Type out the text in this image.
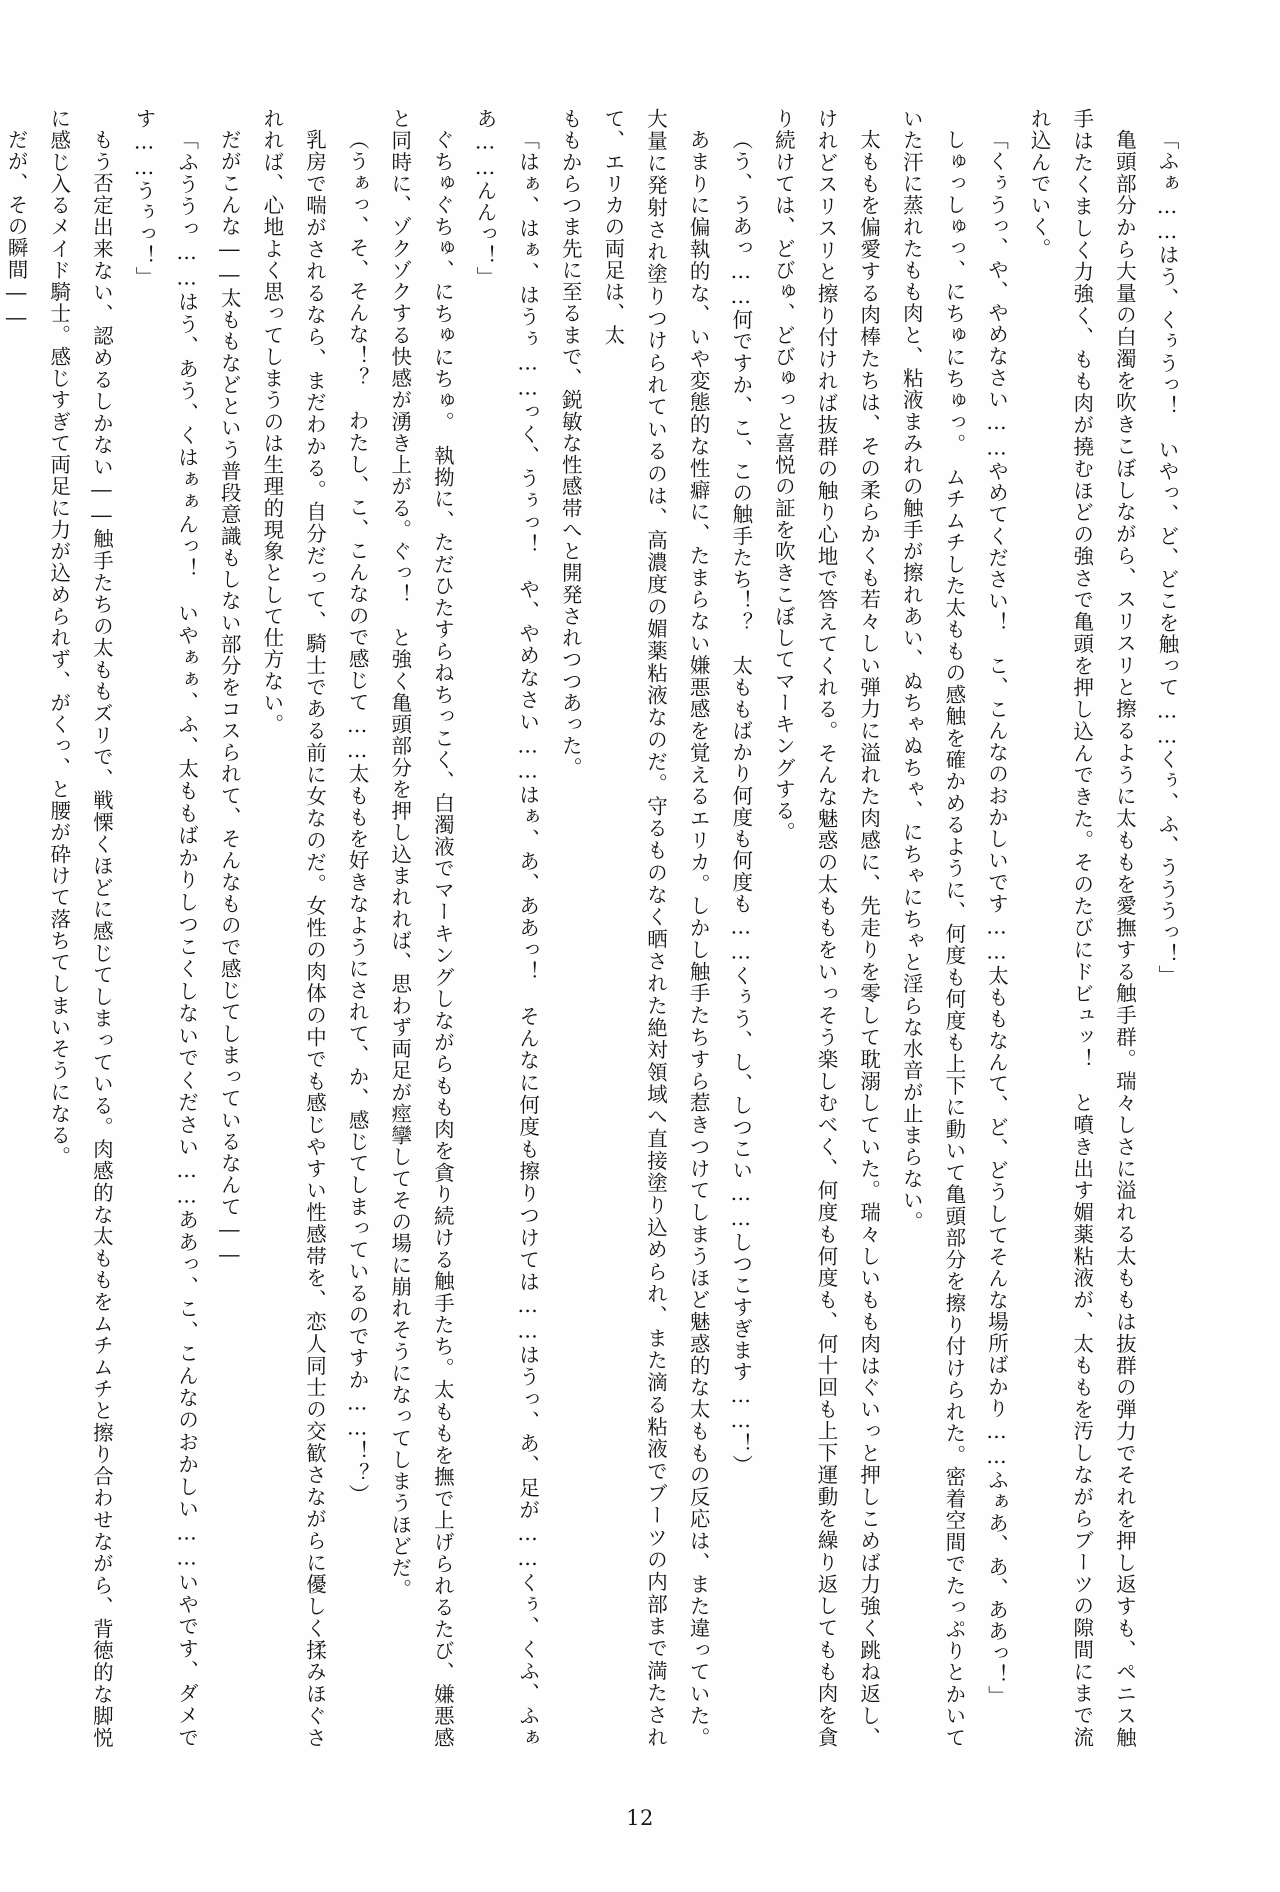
「ふぁ……はう、くぅうっ！　いやっ、ど、どこを触って……くぅ、ふ、うううっ！」

亀頭部分から大量の白濁を吹きこぼしながら、スリスリと擦るように太ももを愛撫する触手群。瑞々しさに溢れる太ももは抜群の弾力でそれを押し返すも、ペニス触手はたくましく力強く、もも肉が撓むほどの強さで亀頭を押し込んできた。そのたびにドビュッ！　と噴き出す媚薬粘液が、太ももを汚しながらブーツの隙間にまで流れ込んでいく。

「くぅうっ、や、やめなさい……やめてください！　こ、こんなのおかしいです……太ももなんて、ど、どうしてそんな場所ばかり……ふぁあ、あ、ああっ！」

しゅっしゅっ、にちゅにちゅっ。　ムチムチした太ももの感触を確かめるように、何度も何度も上下に動いて亀頭部分を擦り付けられた。密着空間でたっぷりとかいていた汗に蒸れたもも肉と、粘液まみれの触手が擦れあい、ぬちゃぬちゃ、にちゃにちゃと淫らな水音が止まらない。

太ももを偏愛する肉棒たちは、その柔らかくも若々しい弾力に溢れた肉感に、先走りを零して耽溺していた。瑞々しいもも肉はぐいっと押しこめば力強く跳ね返し、けれどスリスリと擦り付ければ抜群の触り心地で答えてくれる。そんな魅惑の太ももをいっそう楽しむべく、何度も何度も、何十回も上下運動を繰り返してもも肉を貪り続けては、どびゅ、どびゅっと喜悦の証を吹きこぼしてマーキングする。

（う、うあっ……何ですか、こ、この触手たち！？　太ももばかり何度も何度も……くぅう、し、しつこい……しつこすぎます……！）

あまりに偏執的な、いや変態的な性癖に、たまらない嫌悪感を覚えるエリカ。しかし触手たちすら惹きつけてしまうほど魅惑的な太ももの反応は、また違っていた。大量に発射され塗りつけられているのは、高濃度の媚薬粘液なのだ。守るものなく晒された絶対領域へ直接塗り込められ、また滴る粘液でブーツの内部まで満たされて、エリカの両足は、太

ももからつま先に至るまで、鋭敏な性感帯へと開発されつつあった。

「はぁ、はぁ、はうぅ……っく、うぅっ！　や、やめなさい……はぁ、あ、ああっ！　そんなに何度も擦りつけては……はうっ、あ、足が……くぅ、くふ、ふぁあ……んんっ！」

ぐちゅぐちゅ、にちゅにちゅ。　執拗に、ただひたすらねちっこく、白濁液でマーキングしながらもも肉を貪り続ける触手たち。太ももを撫で上げられるたび、嫌悪感と同時に、ゾクゾクする快感が湧き上がる。ぐっ！　と強く亀頭部分を押し込まれれば、思わず両足が痙攣してその場に崩れそうになってしまうほどだ。

（うぁっ、そ、そんな！？　わたし、こ、こんなので感じて……太ももを好きなようにされて、か、感じてしまっているのですか……！？）

乳房で喘がされるなら、まだわかる。自分だって、騎士である前に女なのだ。女性の肉体の中でも感じやすい性感帯を、恋人同士の交歓さながらに優しく揉みほぐされれば、心地よく思ってしまうのは生理的現象として仕方ない。

だがこんな――太ももなどという普段意識もしない部分をコスられて、そんなもので感じてしまっているなんて――

「ふううっ……はう、あう、くはぁぁんっ！　いやぁぁ、ふ、太ももばかりしつこくしないでください……ああっ、こ、こんなのおかしい……いやです、ダメです……うぅっ！」

もう否定出来ない、認めるしかない――触手たちの太ももズリで、戦慄くほどに感じてしまっている。肉感的な太ももをムチムチと擦り合わせながら、背徳的な脚悦に感じ入るメイド騎士。感じすぎて両足に力が込められず、がくっ、と腰が砕けて落ちてしまいそうになる。

だが、その瞬間――

12
